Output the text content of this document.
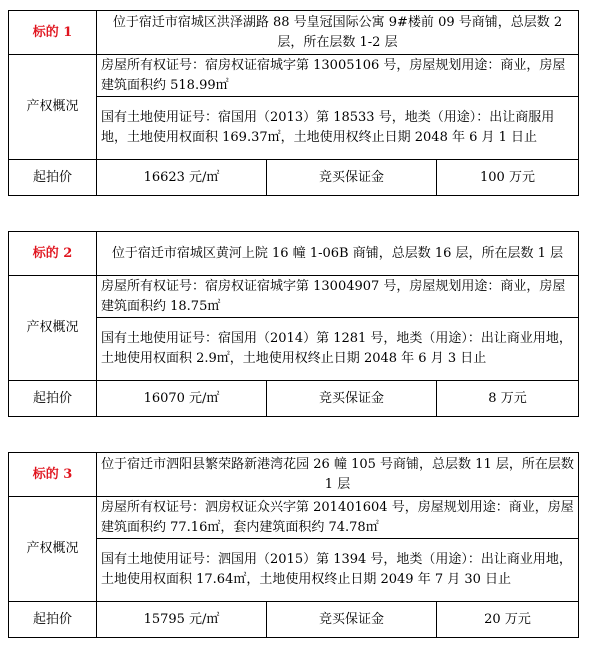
标的 1	位于宿迁市宿城区洪泽湖路 88 号皇冠国际公寓 9#楼前 09 号商铺，总层数 2 层，所在层数 1-2 层		
产权概况	房屋所有权证号：宿房权证宿城字第 13005106 号，房屋规划用途：商业，房屋建筑面积约 518.99㎡		
	国有土地使用证号：宿国用（2013）第 18533 号，地类（用途）：出让商服用地，土地使用权面积 169.37㎡，土地使用权终止日期 2048 年 6 月 1 日止		
起拍价	16623 元/㎡	竞买保证金	100 万元
标的 2	位于宿迁市宿城区黄河上院 16 幢 1-06B 商铺，总层数 16 层，所在层数 1 层		
产权概况	房屋所有权证号：宿房权证宿城字第 13004907 号，房屋规划用途：商业，房屋建筑面积约 18.75㎡		
	国有土地使用证号：宿国用（2014）第 1281 号，地类（用途）：出让商业用地，土地使用权面积 2.9㎡，土地使用权终止日期 2048 年 6 月 3 日止		
起拍价	16070 元/㎡	竞买保证金	8 万元
标的 3	位于宿迁市泗阳县繁荣路新港湾花园 26 幢 105 号商铺，总层数 11 层，所在层数 1 层		
产权概况	房屋所有权证号：泗房权证众兴字第 201401604 号，房屋规划用途：商业，房屋建筑面积约 77.16㎡，套内建筑面积约 74.78㎡		
	国有土地使用证号：泗国用（2015）第 1394 号，地类（用途）：出让商业用地，土地使用权面积 17.64㎡，土地使用权终止日期 2049 年 7 月 30 日止		
起拍价	15795 元/㎡	竞买保证金	20 万元
